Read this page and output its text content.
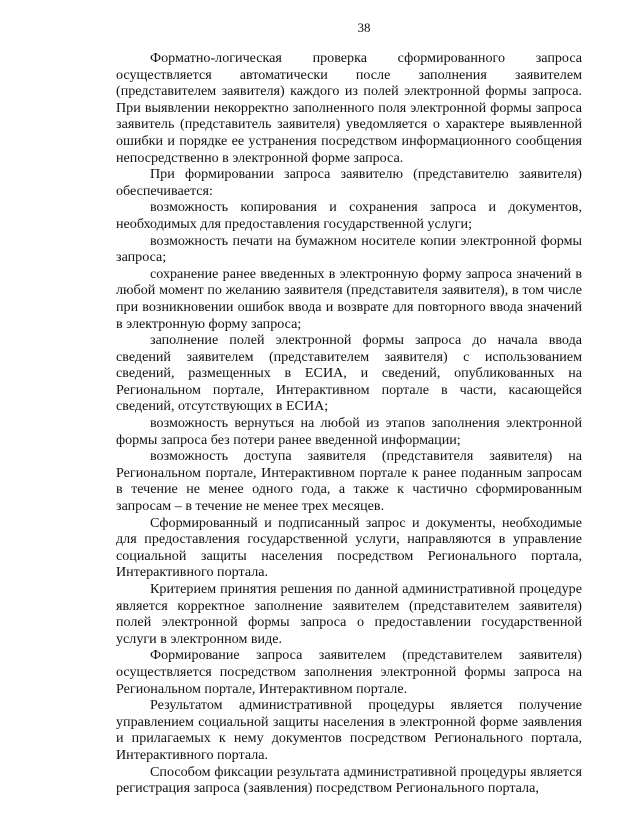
38

Форматно-логическая проверка сформированного запроса осуществляется автоматически после заполнения заявителем (представителем заявителя) каждого из полей электронной формы запроса. При выявлении некорректно заполненного поля электронной формы запроса заявитель (представитель заявителя) уведомляется о характере выявленной ошибки и порядке ее устранения посредством информационного сообщения непосредственно в электронной форме запроса.

При формировании запроса заявителю (представителю заявителя) обеспечивается:

возможность копирования и сохранения запроса и документов, необходимых для предоставления государственной услуги;

возможность печати на бумажном носителе копии электронной формы запроса;

сохранение ранее введенных в электронную форму запроса значений в любой момент по желанию заявителя (представителя заявителя), в том числе при возникновении ошибок ввода и возврате для повторного ввода значений в электронную форму запроса;

заполнение полей электронной формы запроса до начала ввода сведений заявителем (представителем заявителя) с использованием сведений, размещенных в ЕСИА, и сведений, опубликованных на Региональном портале, Интерактивном портале в части, касающейся сведений, отсутствующих в ЕСИА;

возможность вернуться на любой из этапов заполнения электронной формы запроса без потери ранее введенной информации;

возможность доступа заявителя (представителя заявителя) на Региональном портале, Интерактивном портале к ранее поданным запросам в течение не менее одного года, а также к частично сформированным запросам – в течение не менее трех месяцев.

Сформированный и подписанный запрос и документы, необходимые для предоставления государственной услуги, направляются в управление социальной защиты населения посредством Регионального портала, Интерактивного портала.

Критерием принятия решения по данной административной процедуре является корректное заполнение заявителем (представителем заявителя) полей электронной формы запроса о предоставлении государственной услуги в электронном виде.

Формирование запроса заявителем (представителем заявителя) осуществляется посредством заполнения электронной формы запроса на Региональном портале, Интерактивном портале.

Результатом административной процедуры является получение управлением социальной защиты населения в электронной форме заявления и прилагаемых к нему документов посредством Регионального портала, Интерактивного портала.

Способом фиксации результата административной процедуры является регистрация запроса (заявления) посредством Регионального портала,
